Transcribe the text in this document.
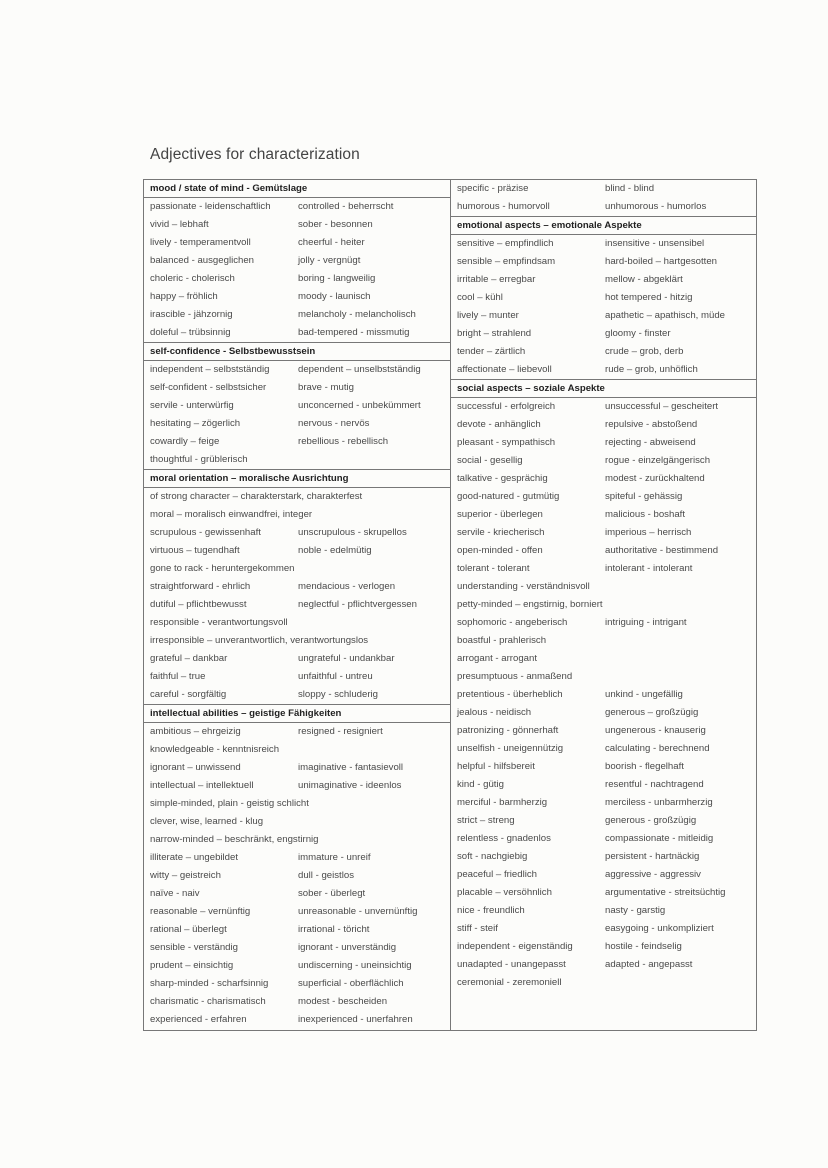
Adjectives for characterization
mood / state of mind - Gemütslage
passionate - leidenschaftlich	controlled - beherrscht
vivid – lebhaft	sober - besonnen
lively - temperamentvoll	cheerful - heiter
balanced - ausgeglichen	jolly - vergnügt
choleric - cholerisch	boring - langweilig
happy – fröhlich	moody - launisch
irascible - jähzornig	melancholy - melancholisch
doleful – trübsinnig	bad-tempered - missmutig
self-confidence - Selbstbewusstsein
independent – selbstständig	dependent – unselbstständig
self-confident - selbstsicher	brave - mutig
servile - unterwürfig	unconcerned - unbekümmert
hesitating – zögerlich	nervous - nervös
cowardly – feige	rebellious - rebellisch
thoughtful - grüblerisch
moral orientation – moralische Ausrichtung
of strong character – charakterstark, charakterfest
moral – moralisch einwandfrei, integer
scrupulous - gewissenhaft	unscrupulous - skrupellos
virtuous – tugendhaft	noble - edelmütig
gone to rack - heruntergekommen
straightforward - ehrlich	mendacious - verlogen
dutiful – pflichtbewusst	neglectful - pflichtvergessen
responsible - verantwortungsvoll
irresponsible – unverantwortlich, verantwortungslos
grateful – dankbar	ungrateful - undankbar
faithful – true	unfaithful - untreu
careful - sorgfältig	sloppy - schluderig
intellectual abilities – geistige Fähigkeiten
ambitious – ehrgeizig	resigned - resigniert
knowledgeable - kenntnisreich
ignorant – unwissend	imaginative - fantasievoll
intellectual – intellektuell	unimaginative - ideenlos
simple-minded, plain - geistig schlicht
clever, wise, learned - klug
narrow-minded – beschränkt, engstirnig
illiterate – ungebildet	immature - unreif
witty – geistreich	dull - geistlos
naïve - naiv	sober - überlegt
reasonable – vernünftig	unreasonable - unvernünftig
rational – überlegt	irrational - töricht
sensible - verständig	ignorant - unverständig
prudent – einsichtig	undiscerning - uneinsichtig
sharp-minded - scharfsinnig	superficial - oberflächlich
charismatic - charismatisch	modest - bescheiden
experienced - erfahren	inexperienced - unerfahren
specific - präzise	blind - blind
humorous - humorvoll	unhumorous - humorlos
emotional aspects – emotionale Aspekte
sensitive – empfindlich	insensitive - unsensibel
sensible – empfindsam	hard-boiled – hartgesotten
irritable – erregbar	mellow - abgeklärt
cool – kühl	hot tempered - hitzig
lively – munter	apathetic – apathisch, müde
bright – strahlend	gloomy - finster
tender – zärtlich	crude – grob, derb
affectionate – liebevoll	rude – grob, unhöflich
social aspects – soziale Aspekte
successful - erfolgreich	unsuccessful – gescheitert
devote - anhänglich	repulsive - abstoßend
pleasant - sympathisch	rejecting - abweisend
social - gesellig	rogue - einzelgängerisch
talkative - gesprächig	modest - zurückhaltend
good-natured - gutmütig	spiteful - gehässig
superior - überlegen	malicious - boshaft
servile - kriecherisch	imperious – herrisch
open-minded - offen	authoritative - bestimmend
tolerant - tolerant	intolerant - intolerant
understanding - verständnisvoll
petty-minded – engstirnig, borniert
sophomoric - angeberisch	intriguing - intrigant
boastful - prahlerisch
arrogant - arrogant
presumptuous - anmaßend
pretentious - überheblich	unkind - ungefällig
jealous - neidisch	generous – großzügig
patronizing - gönnerhaft	ungenerous - knauserig
unselfish - uneigennützig	calculating - berechnend
helpful - hilfsbereit	boorish - flegelhaft
kind - gütig	resentful - nachtragend
merciful - barmherzig	merciless - unbarmherzig
strict – streng	generous - großzügig
relentless - gnadenlos	compassionate - mitleidig
soft - nachgiebig	persistent - hartnäckig
peaceful – friedlich	aggressive - aggressiv
placable – versöhnlich	argumentative - streitsüchtig
nice - freundlich	nasty - garstig
stiff - steif	easygoing - unkompliziert
independent - eigenständig	hostile - feindselig
unadapted - unangepasst	adapted - angepasst
ceremonial - zeremoniell
